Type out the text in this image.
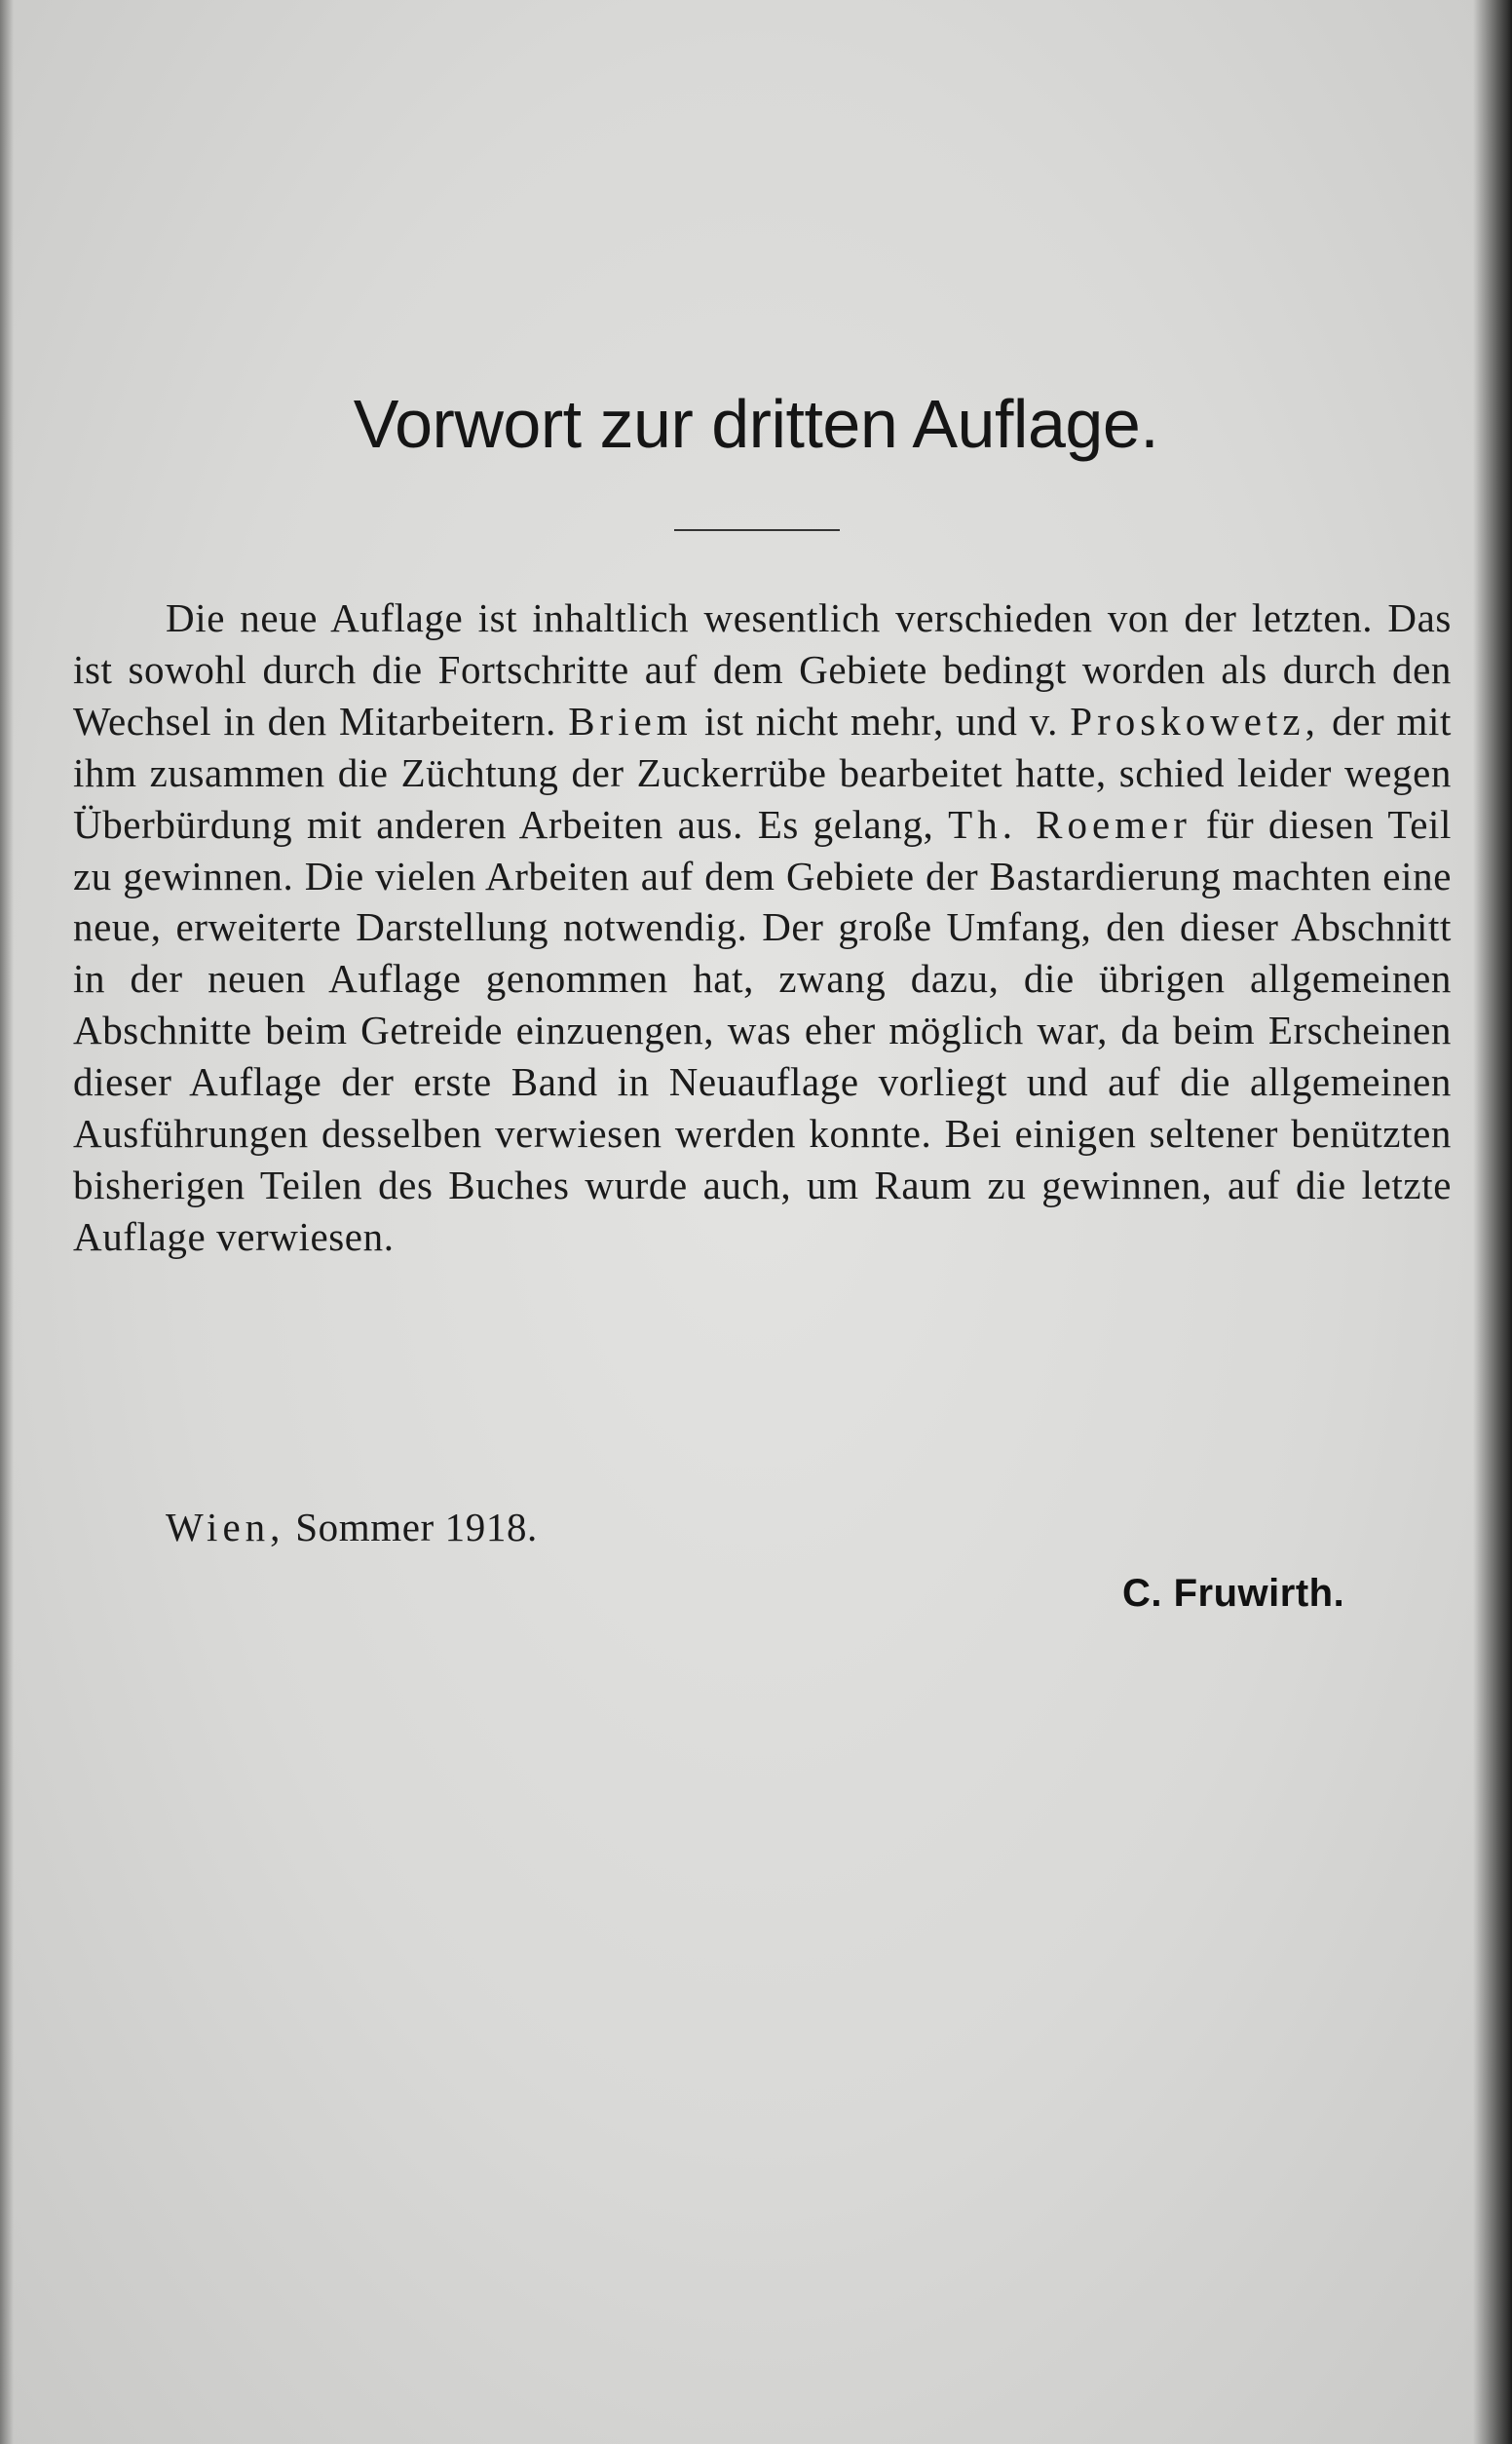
Vorwort zur dritten Auflage.

Die neue Auflage ist inhaltlich wesentlich verschieden von der letzten. Das ist sowohl durch die Fortschritte auf dem Gebiete bedingt worden als durch den Wechsel in den Mitarbeitern. Briem ist nicht mehr, und v. Proskowetz, der mit ihm zusammen die Züchtung der Zuckerrübe bearbeitet hatte, schied leider wegen Überbürdung mit anderen Arbeiten aus. Es gelang, Th. Roemer für diesen Teil zu gewinnen. Die vielen Arbeiten auf dem Gebiete der Bastardierung machten eine neue, erweiterte Darstellung notwendig. Der große Umfang, den dieser Abschnitt in der neuen Auflage genommen hat, zwang dazu, die übrigen allgemeinen Abschnitte beim Getreide einzuengen, was eher möglich war, da beim Erscheinen dieser Auflage der erste Band in Neuauflage vorliegt und auf die allgemeinen Ausführungen desselben verwiesen werden konnte. Bei einigen seltener benützten bisherigen Teilen des Buches wurde auch, um Raum zu gewinnen, auf die letzte Auflage verwiesen.

Wien, Sommer 1918.

C. Fruwirth.
